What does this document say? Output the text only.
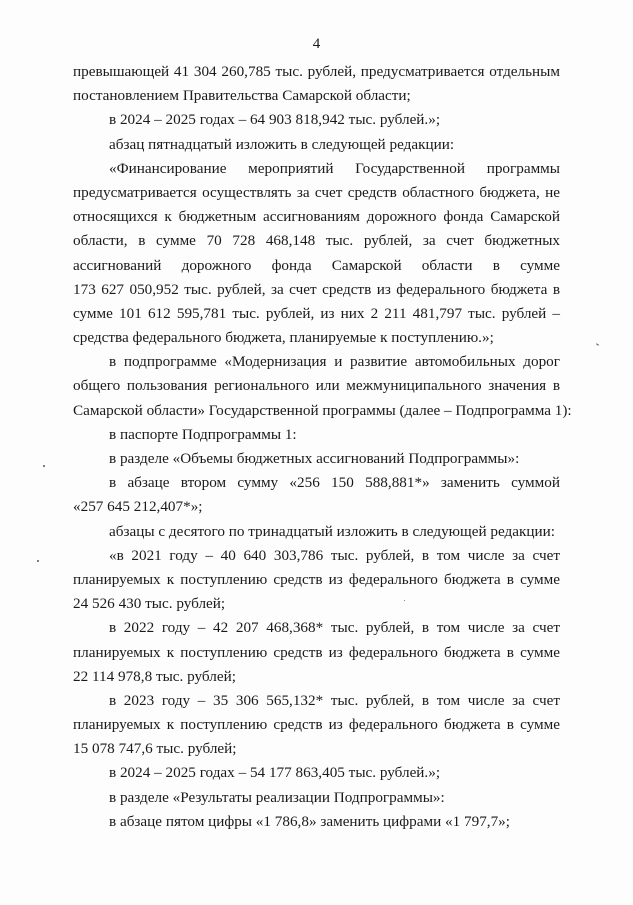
4
превышающей 41 304 260,785 тыс. рублей, предусматривается отдельным
постановлением Правительства Самарской области;
в 2024 – 2025 годах – 64 903 818,942 тыс. рублей.»;
абзац пятнадцатый изложить в следующей редакции:
«Финансирование мероприятий Государственной программы
предусматривается осуществлять за счет средств областного бюджета, не
относящихся к бюджетным ассигнованиям дорожного фонда Самарской
области, в сумме 70 728 468,148 тыс. рублей, за счет бюджетных
ассигнований дорожного фонда Самарской области в сумме
173 627 050,952 тыс. рублей, за счет средств из федерального бюджета в
сумме 101 612 595,781 тыс. рублей, из них 2 211 481,797 тыс. рублей –
средства федерального бюджета, планируемые к поступлению.»;
в подпрограмме «Модернизация и развитие автомобильных дорог
общего пользования регионального или межмуниципального значения в
Самарской области» Государственной программы (далее – Подпрограмма 1):
в паспорте Подпрограммы 1:
в разделе «Объемы бюджетных ассигнований Подпрограммы»:
в абзаце втором сумму «256 150 588,881*» заменить суммой
«257 645 212,407*»;
абзацы с десятого по тринадцатый изложить в следующей редакции:
«в 2021 году – 40 640 303,786 тыс. рублей, в том числе за счет
планируемых к поступлению средств из федерального бюджета в сумме
24 526 430 тыс. рублей;
в 2022 году – 42 207 468,368* тыс. рублей, в том числе за счет
планируемых к поступлению средств из федерального бюджета в сумме
22 114 978,8 тыс. рублей;
в 2023 году – 35 306 565,132* тыс. рублей, в том числе за счет
планируемых к поступлению средств из федерального бюджета в сумме
15 078 747,6 тыс. рублей;
в 2024 – 2025 годах – 54 177 863,405 тыс. рублей.»;
в разделе «Результаты реализации Подпрограммы»:
в абзаце пятом цифры «1 786,8» заменить цифрами «1 797,7»;
